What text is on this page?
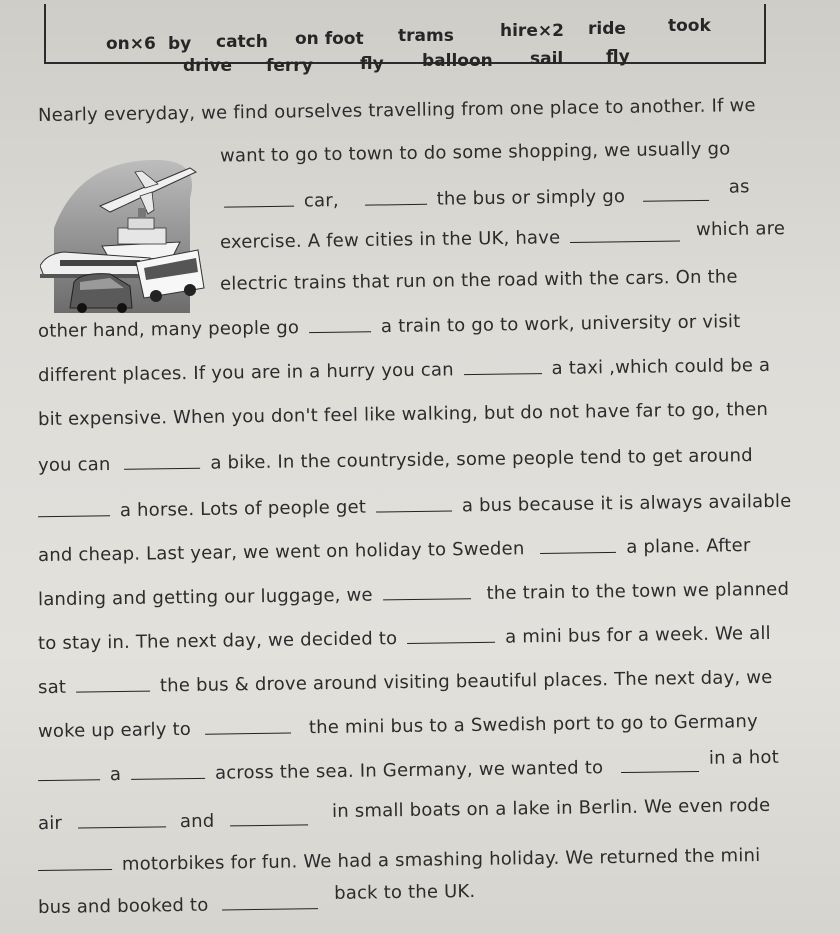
on×6 by catch on foot trams	hire×2 ride took
drive ferry	fly balloon sail	fly
Nearly everyday, we find ourselves travelling from one place to another. If we
want to go to town to do some shopping, we usually go
car,	the bus or simply go	as
exercise. A few cities in the UK, have	which are
electric trains that run on the road with the cars. On the
other hand, many people go	a train to go to work, university or visit
different places. If you are in a hurry you can	a taxi ,which could be a
bit expensive. When you don't feel like walking, but do not have far to go, then
you can	a bike. In the countryside, some people tend to get around
a horse. Lots of people get	a bus because it is always available
and cheap. Last year, we went on holiday to Sweden	a plane. After
landing and getting our luggage, we	the train to the town we planned
to stay in. The next day, we decided to	a mini bus for a week. We all
sat	the bus & drove around visiting beautiful places. The next day, we
woke up early to	the mini bus to a Swedish port to go to Germany
a	across the sea. In Germany, we wanted to	in a hot
air	and	in small boats on a lake in Berlin. We even rode
motorbikes for fun. We had a smashing holiday. We returned the mini
bus and booked to  back to the UK.
